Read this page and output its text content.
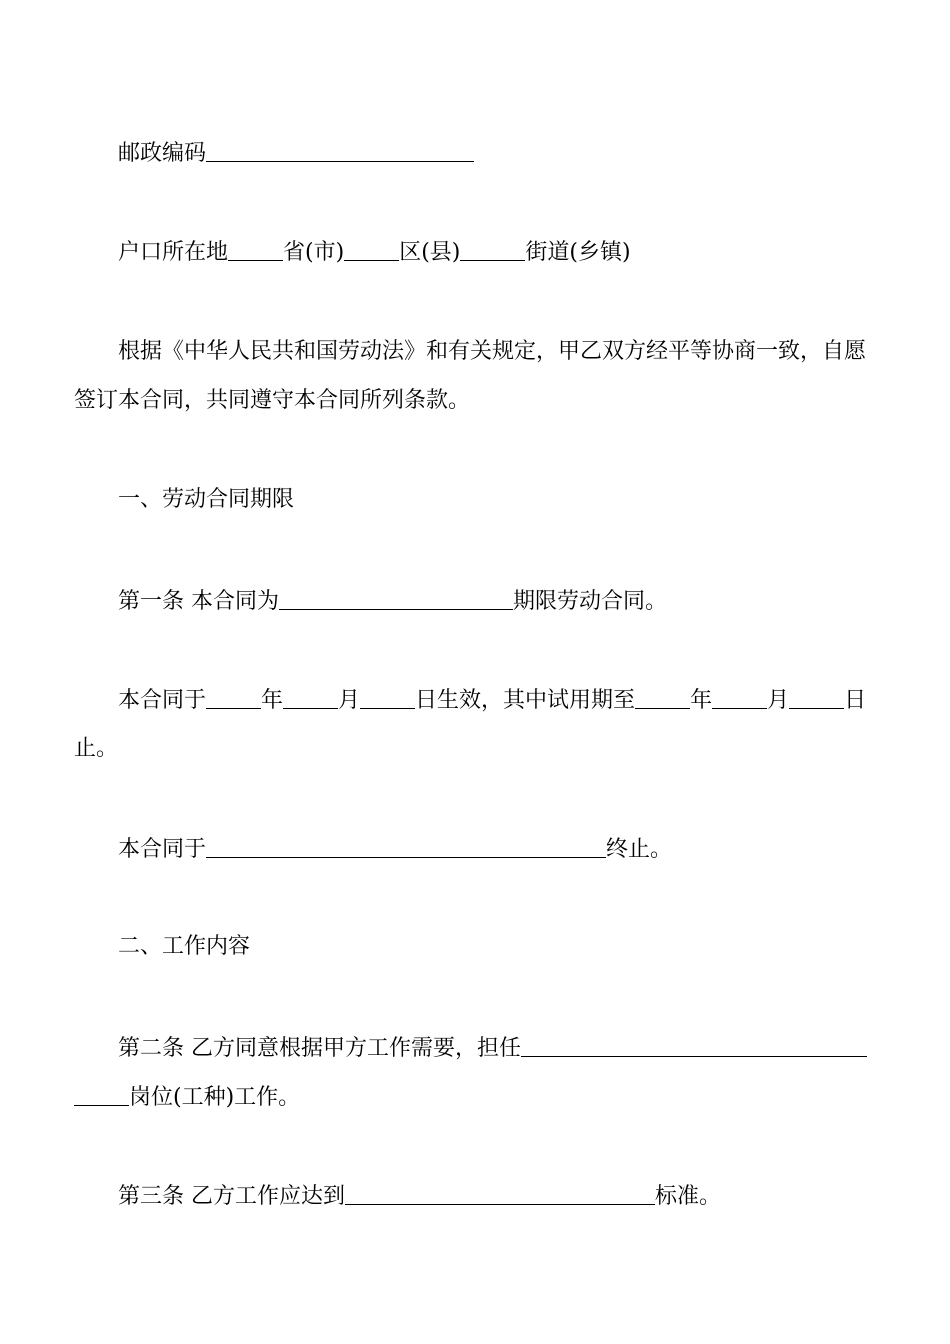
邮政编码
户口所在地	省(市)	区(县)	街道(乡镇)
根据《中华人民共和国劳动法》和有关规定，甲乙双方经平等协商一致，自愿
签订本合同，共同遵守本合同所列条款。
一、劳动合同期限
第一条 本合同为	期限劳动合同。
本合同于	年	月	日生效，其中试用期至	年	月	日
止。
本合同于	终止。
二、工作内容
第二条 乙方同意根据甲方工作需要，担任
岗位(工种)工作。
第三条 乙方工作应达到	标准。
